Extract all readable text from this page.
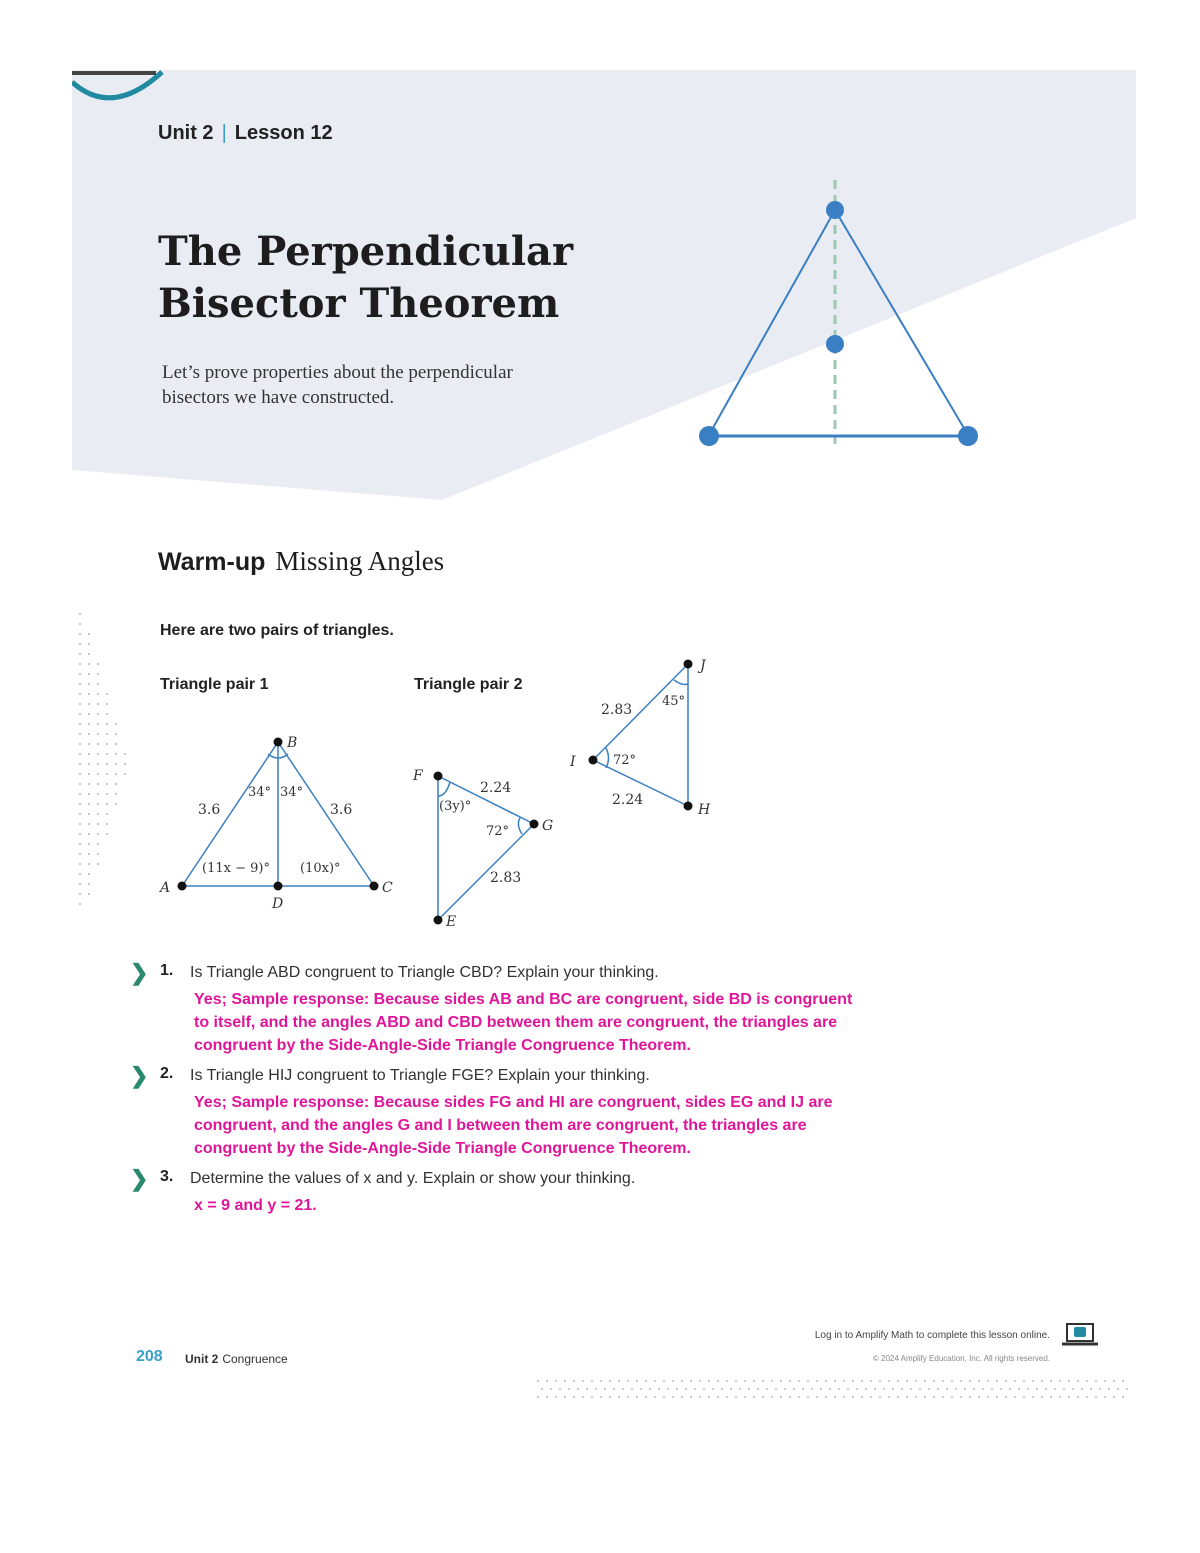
Unit 2 | Lesson 12
The Perpendicular
Bisector Theorem
Let’s prove properties about the perpendicular
bisectors we have constructed.
Warm-up Missing Angles
Here are two pairs of triangles.
Triangle pair 1	Triangle pair 2
B
A	C
D
3.6	3.6
34° 34°
(11x − 9)° (10x)°
F
G
E
2.24
2.83
(3y)°
72°
J
I
H
2.83
2.24
45°
72°
❯ 1. Is Triangle ABD congruent to Triangle CBD? Explain your thinking.
Yes; Sample response: Because sides AB and BC are congruent, side BD is congruent to itself, and the angles ABD and CBD between them are congruent, the triangles are congruent by the Side-Angle-Side Triangle Congruence Theorem.
❯ 2. Is Triangle HIJ congruent to Triangle FGE? Explain your thinking.
Yes; Sample response: Because sides FG and HI are congruent, sides EG and IJ are congruent, and the angles G and I between them are congruent, the triangles are congruent by the Side-Angle-Side Triangle Congruence Theorem.
❯ 3. Determine the values of x and y. Explain or show your thinking.
x = 9 and y = 21.
208 Unit 2 Congruence
Log in to Amplify Math to complete this lesson online.
© 2024 Amplify Education, Inc. All rights reserved.
